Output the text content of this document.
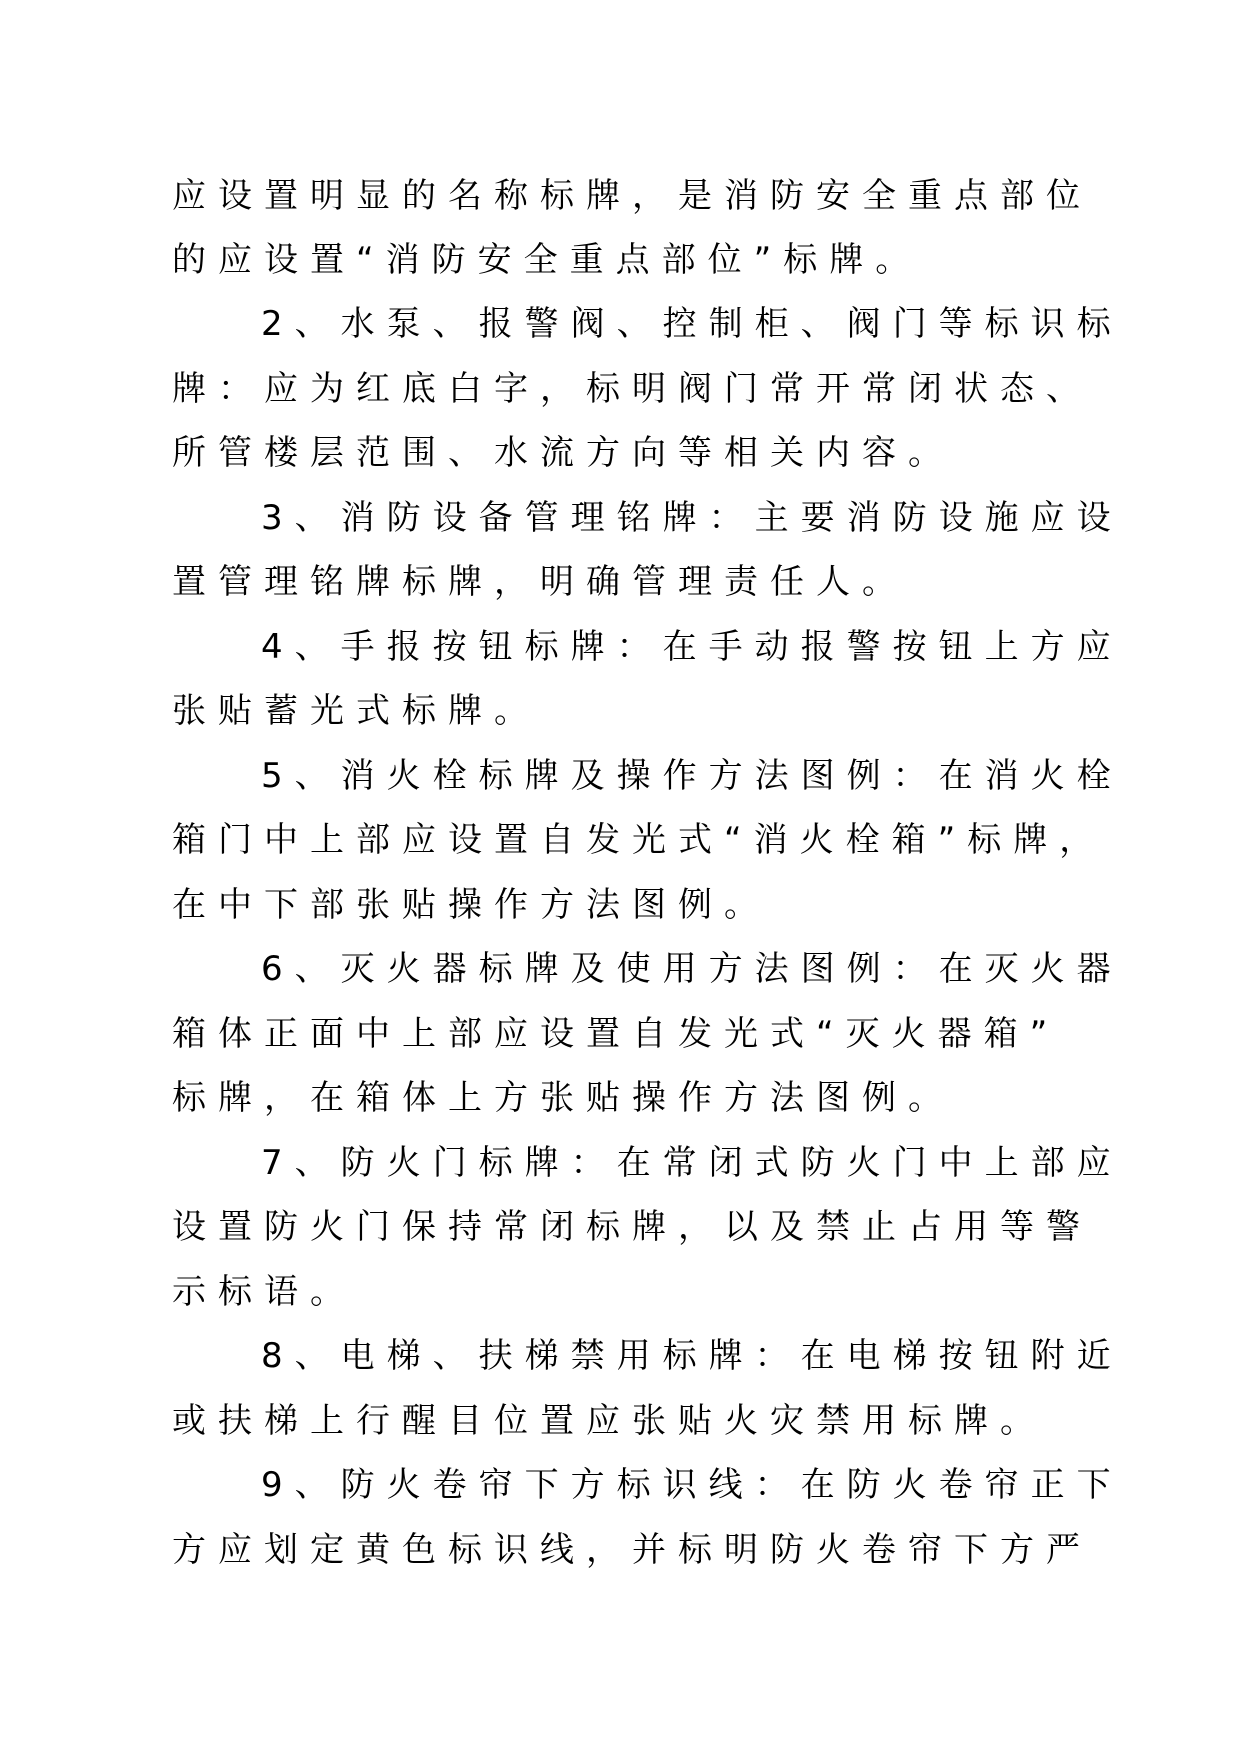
应设置明显的名称标牌，是消防安全重点部位
的应设置“消防安全重点部位”标牌。
2、水泵、报警阀、控制柜、阀门等标识标
牌：应为红底白字，标明阀门常开常闭状态、
所管楼层范围、水流方向等相关内容。
3、消防设备管理铭牌：主要消防设施应设
置管理铭牌标牌，明确管理责任人。
4、手报按钮标牌：在手动报警按钮上方应
张贴蓄光式标牌。
5、消火栓标牌及操作方法图例：在消火栓
箱门中上部应设置自发光式“消火栓箱”标牌，
在中下部张贴操作方法图例。
6、灭火器标牌及使用方法图例：在灭火器
箱体正面中上部应设置自发光式“灭火器箱”
标牌，在箱体上方张贴操作方法图例。
7、防火门标牌：在常闭式防火门中上部应
设置防火门保持常闭标牌，以及禁止占用等警
示标语。
8、电梯、扶梯禁用标牌：在电梯按钮附近
或扶梯上行醒目位置应张贴火灾禁用标牌。
9、防火卷帘下方标识线：在防火卷帘正下
方应划定黄色标识线，并标明防火卷帘下方严
